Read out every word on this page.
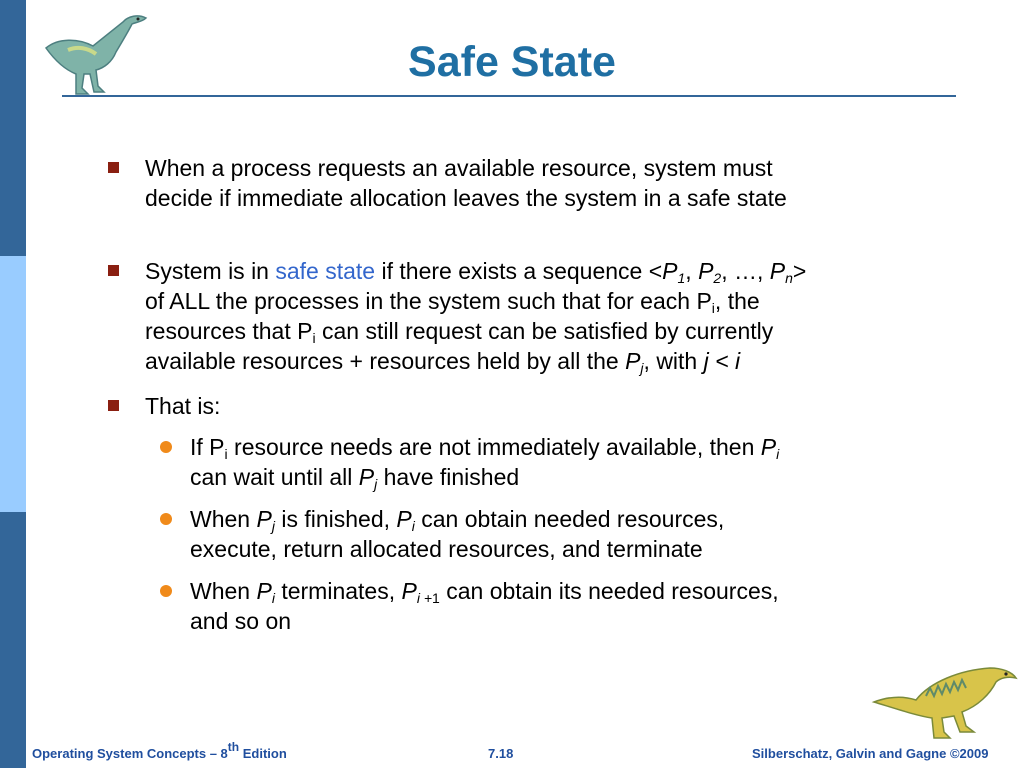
Safe State
When a process requests an available resource, system must
decide if immediate allocation leaves the system in a safe state
System is in safe state if there exists a sequence $<P_1$, $P_2$, …, $P_n>$
of ALL the processes in the system such that for each $P_i$, the
resources that $P_i$ can still request can be satisfied by currently
available resources + resources held by all the $P_j$, with j < i
That is:
If $P_i$ resource needs are not immediately available, then $P_i$
can wait until all $P_j$ have finished
When $P_j$ is finished, $P_i$ can obtain needed resources,
execute, return allocated resources, and terminate
When $P_i$ terminates, $P_{i +1}$ can obtain its needed resources,
and so on
Operating System Concepts – 8th Edition	7.18	Silberschatz, Galvin and Gagne ©2009
